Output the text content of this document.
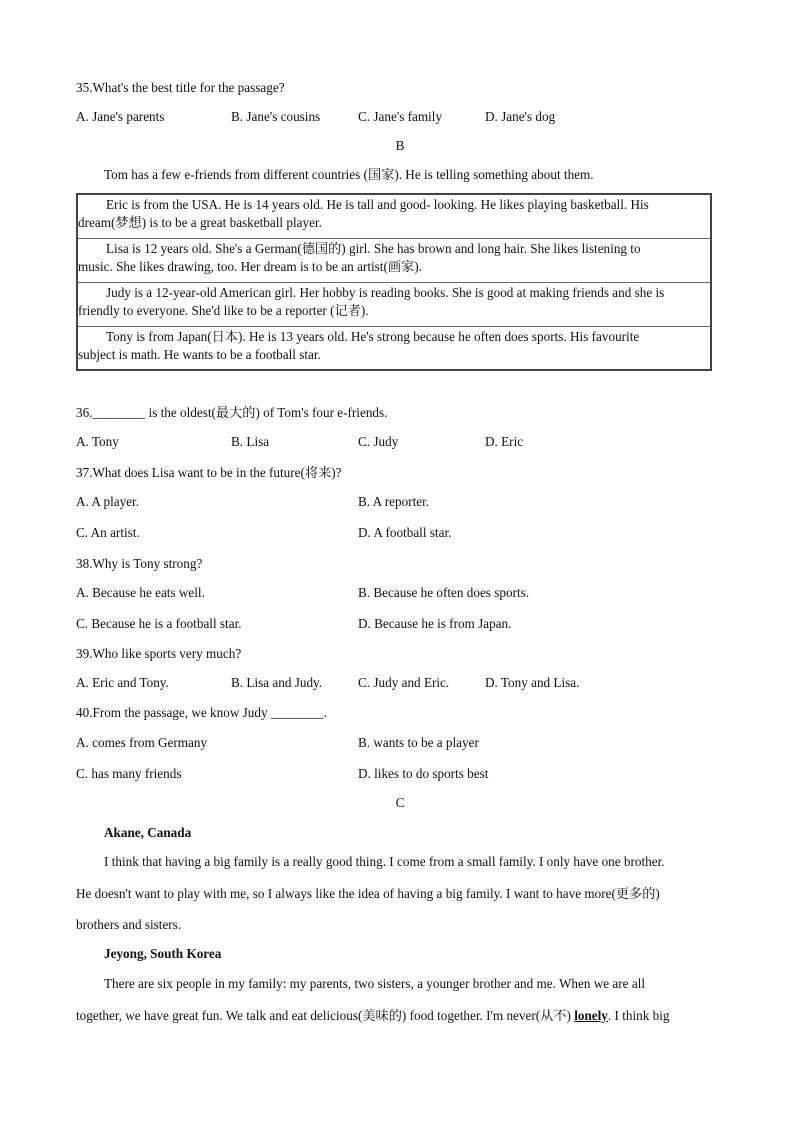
35.What's the best title for the passage?
A. Jane's parents	B. Jane's cousins	C. Jane's family	D. Jane's dog
B
Tom has a few e-friends from different countries (国家). He is telling something about them.

Eric is from the USA. He is 14 years old. He is tall and good- looking. He likes playing basketball. His

dream(梦想) is to be a great basketball player.

Lisa is 12 years old. She's a German(德国的) girl. She has brown and long hair. She likes listening to

music. She likes drawing, too. Her dream is to be an artist(画家).

Judy is a 12-year-old American girl. Her hobby is reading books. She is good at making friends and she is

friendly to everyone. She'd like to be a reporter (记者).

Tony is from Japan(日本). He is 13 years old. He's strong because he often does sports. His favourite

subject is math. He wants to be a football star.

36.________ is the oldest(最大的) of Tom's four e-friends.
A. Tony	B. Lisa	C. Judy	D. Eric
37.What does Lisa want to be in the future(将来)?
A. A player.	B. A reporter.
C. An artist.	D. A football star.
38.Why is Tony strong?
A. Because he eats well.	B. Because he often does sports.
C. Because he is a football star.	D. Because he is from Japan.
39.Who like sports very much?
A. Eric and Tony.	B. Lisa and Judy.	C. Judy and Eric.	D. Tony and Lisa.
40.From the passage, we know Judy ________.
A. comes from Germany	B. wants to be a player
C. has many friends	D. likes to do sports best
C
Akane, Canada

I think that having a big family is a really good thing. I come from a small family. I only have one brother.

He doesn't want to play with me, so I always like the idea of having a big family. I want to have more(更多的)

brothers and sisters.

Jeyong, South Korea

There are six people in my family: my parents, two sisters, a younger brother and me. When we are all

together, we have great fun. We talk and eat delicious(美味的) food together. I'm never(从不) lonely. I think big
